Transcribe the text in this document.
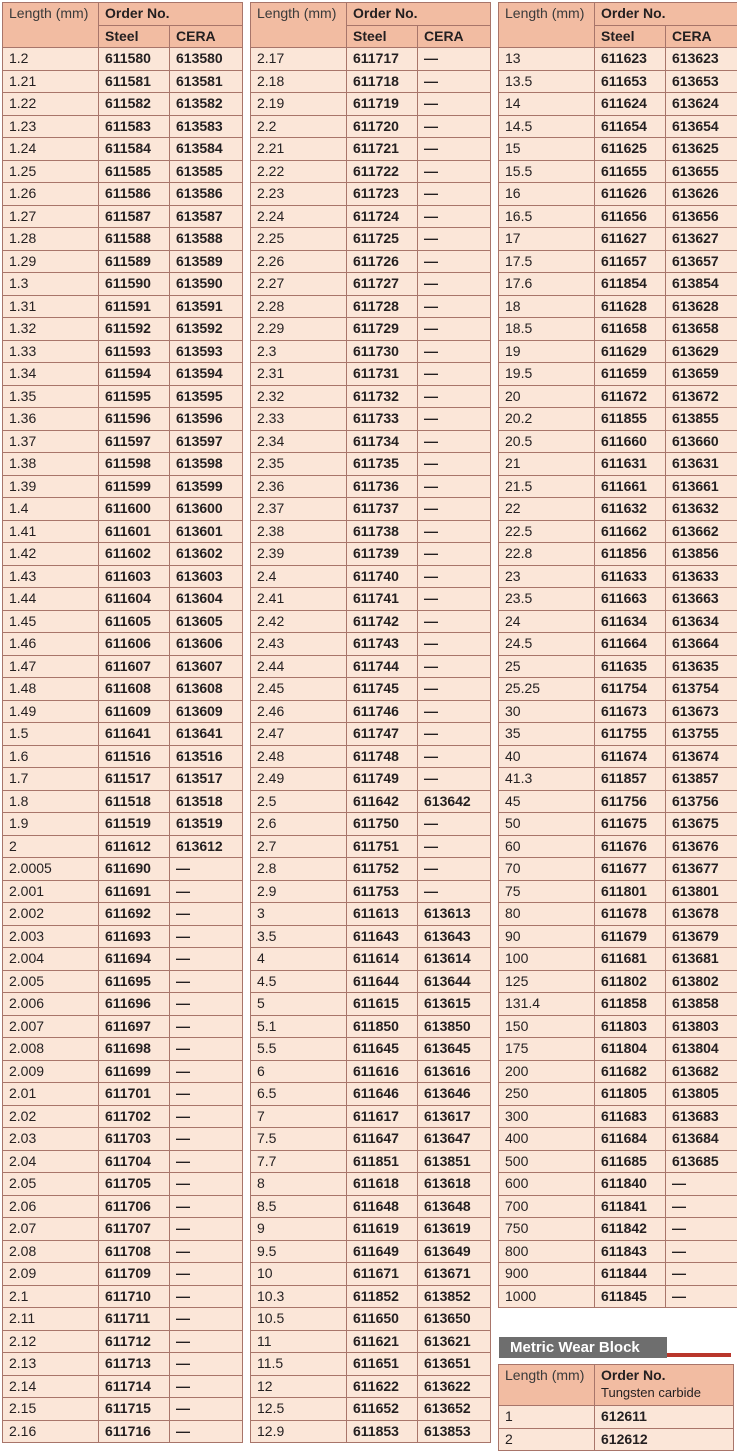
Length (mm)	Order No.	
	Steel	CERA
1.2	611580	613580
1.21	611581	613581
1.22	611582	613582
1.23	611583	613583
1.24	611584	613584
1.25	611585	613585
1.26	611586	613586
1.27	611587	613587
1.28	611588	613588
1.29	611589	613589
1.3	611590	613590
1.31	611591	613591
1.32	611592	613592
1.33	611593	613593
1.34	611594	613594
1.35	611595	613595
1.36	611596	613596
1.37	611597	613597
1.38	611598	613598
1.39	611599	613599
1.4	611600	613600
1.41	611601	613601
1.42	611602	613602
1.43	611603	613603
1.44	611604	613604
1.45	611605	613605
1.46	611606	613606
1.47	611607	613607
1.48	611608	613608
1.49	611609	613609
1.5	611641	613641
1.6	611516	613516
1.7	611517	613517
1.8	611518	613518
1.9	611519	613519
2	611612	613612
2.0005	611690	—
2.001	611691	—
2.002	611692	—
2.003	611693	—
2.004	611694	—
2.005	611695	—
2.006	611696	—
2.007	611697	—
2.008	611698	—
2.009	611699	—
2.01	611701	—
2.02	611702	—
2.03	611703	—
2.04	611704	—
2.05	611705	—
2.06	611706	—
2.07	611707	—
2.08	611708	—
2.09	611709	—
2.1	611710	—
2.11	611711	—
2.12	611712	—
2.13	611713	—
2.14	611714	—
2.15	611715	—
2.16	611716	—
Length (mm)	Order No.	
	Steel	CERA
2.17	611717	—
2.18	611718	—
2.19	611719	—
2.2	611720	—
2.21	611721	—
2.22	611722	—
2.23	611723	—
2.24	611724	—
2.25	611725	—
2.26	611726	—
2.27	611727	—
2.28	611728	—
2.29	611729	—
2.3	611730	—
2.31	611731	—
2.32	611732	—
2.33	611733	—
2.34	611734	—
2.35	611735	—
2.36	611736	—
2.37	611737	—
2.38	611738	—
2.39	611739	—
2.4	611740	—
2.41	611741	—
2.42	611742	—
2.43	611743	—
2.44	611744	—
2.45	611745	—
2.46	611746	—
2.47	611747	—
2.48	611748	—
2.49	611749	—
2.5	611642	613642
2.6	611750	—
2.7	611751	—
2.8	611752	—
2.9	611753	—
3	611613	613613
3.5	611643	613643
4	611614	613614
4.5	611644	613644
5	611615	613615
5.1	611850	613850
5.5	611645	613645
6	611616	613616
6.5	611646	613646
7	611617	613617
7.5	611647	613647
7.7	611851	613851
8	611618	613618
8.5	611648	613648
9	611619	613619
9.5	611649	613649
10	611671	613671
10.3	611852	613852
10.5	611650	613650
11	611621	613621
11.5	611651	613651
12	611622	613622
12.5	611652	613652
12.9	611853	613853
Length (mm)	Order No.	
	Steel	CERA
13	611623	613623
13.5	611653	613653
14	611624	613624
14.5	611654	613654
15	611625	613625
15.5	611655	613655
16	611626	613626
16.5	611656	613656
17	611627	613627
17.5	611657	613657
17.6	611854	613854
18	611628	613628
18.5	611658	613658
19	611629	613629
19.5	611659	613659
20	611672	613672
20.2	611855	613855
20.5	611660	613660
21	611631	613631
21.5	611661	613661
22	611632	613632
22.5	611662	613662
22.8	611856	613856
23	611633	613633
23.5	611663	613663
24	611634	613634
24.5	611664	613664
25	611635	613635
25.25	611754	613754
30	611673	613673
35	611755	613755
40	611674	613674
41.3	611857	613857
45	611756	613756
50	611675	613675
60	611676	613676
70	611677	613677
75	611801	613801
80	611678	613678
90	611679	613679
100	611681	613681
125	611802	613802
131.4	611858	613858
150	611803	613803
175	611804	613804
200	611682	613682
250	611805	613805
300	611683	613683
400	611684	613684
500	611685	613685
600	611840	—
700	611841	—
750	611842	—
800	611843	—
900	611844	—
1000	611845	—
Metric Wear Block
Length (mm)	Order No.
Tungsten carbide

1	612611
2	612612
